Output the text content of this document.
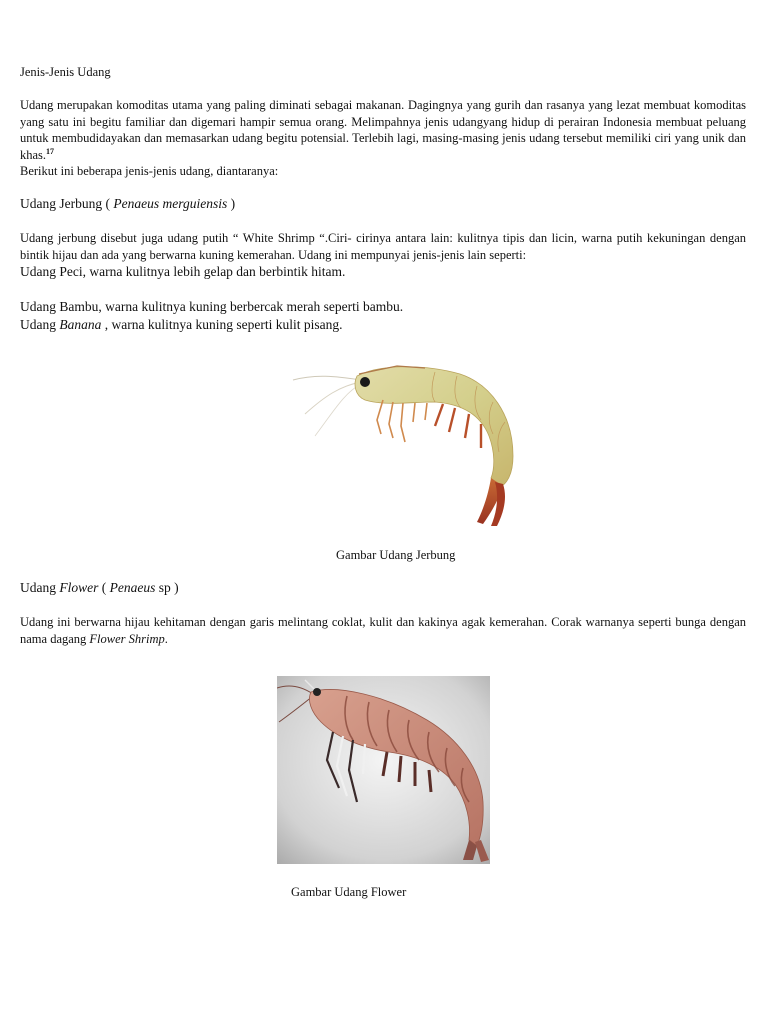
Jenis-Jenis Udang

Udang merupakan komoditas utama yang paling diminati sebagai makanan. Dagingnya yang gurih dan rasanya yang lezat membuat komoditas yang satu ini begitu familiar dan digemari hampir semua orang. Melimpahnya jenis udangyang hidup di perairan Indonesia membuat peluang untuk membudidayakan dan memasarkan udang begitu potensial. Terlebih lagi, masing-masing jenis udang tersebut memiliki ciri yang unik dan khas.$^{17}$

Berikut ini beberapa jenis-jenis udang, diantaranya:

Udang Jerbung ( Penaeus merguiensis )

Udang jerbung disebut juga udang putih “ White Shrimp “.Ciri- cirinya antara lain: kulitnya tipis dan licin, warna putih kekuningan dengan bintik hijau dan ada yang berwarna kuning kemerahan. Udang ini mempunyai jenis-jenis lain seperti:

Udang Peci, warna kulitnya lebih gelap dan berbintik hitam.

Udang Bambu, warna kulitnya kuning berbercak merah seperti bambu.

Udang Banana , warna kulitnya kuning seperti kulit pisang.

Gambar Udang Jerbung

Udang Flower ( Penaeus sp )

Udang ini berwarna hijau kehitaman dengan garis melintang coklat, kulit dan kakinya agak kemerahan. Corak warnanya seperti bunga dengan nama dagang Flower Shrimp.

Gambar Udang Flower
